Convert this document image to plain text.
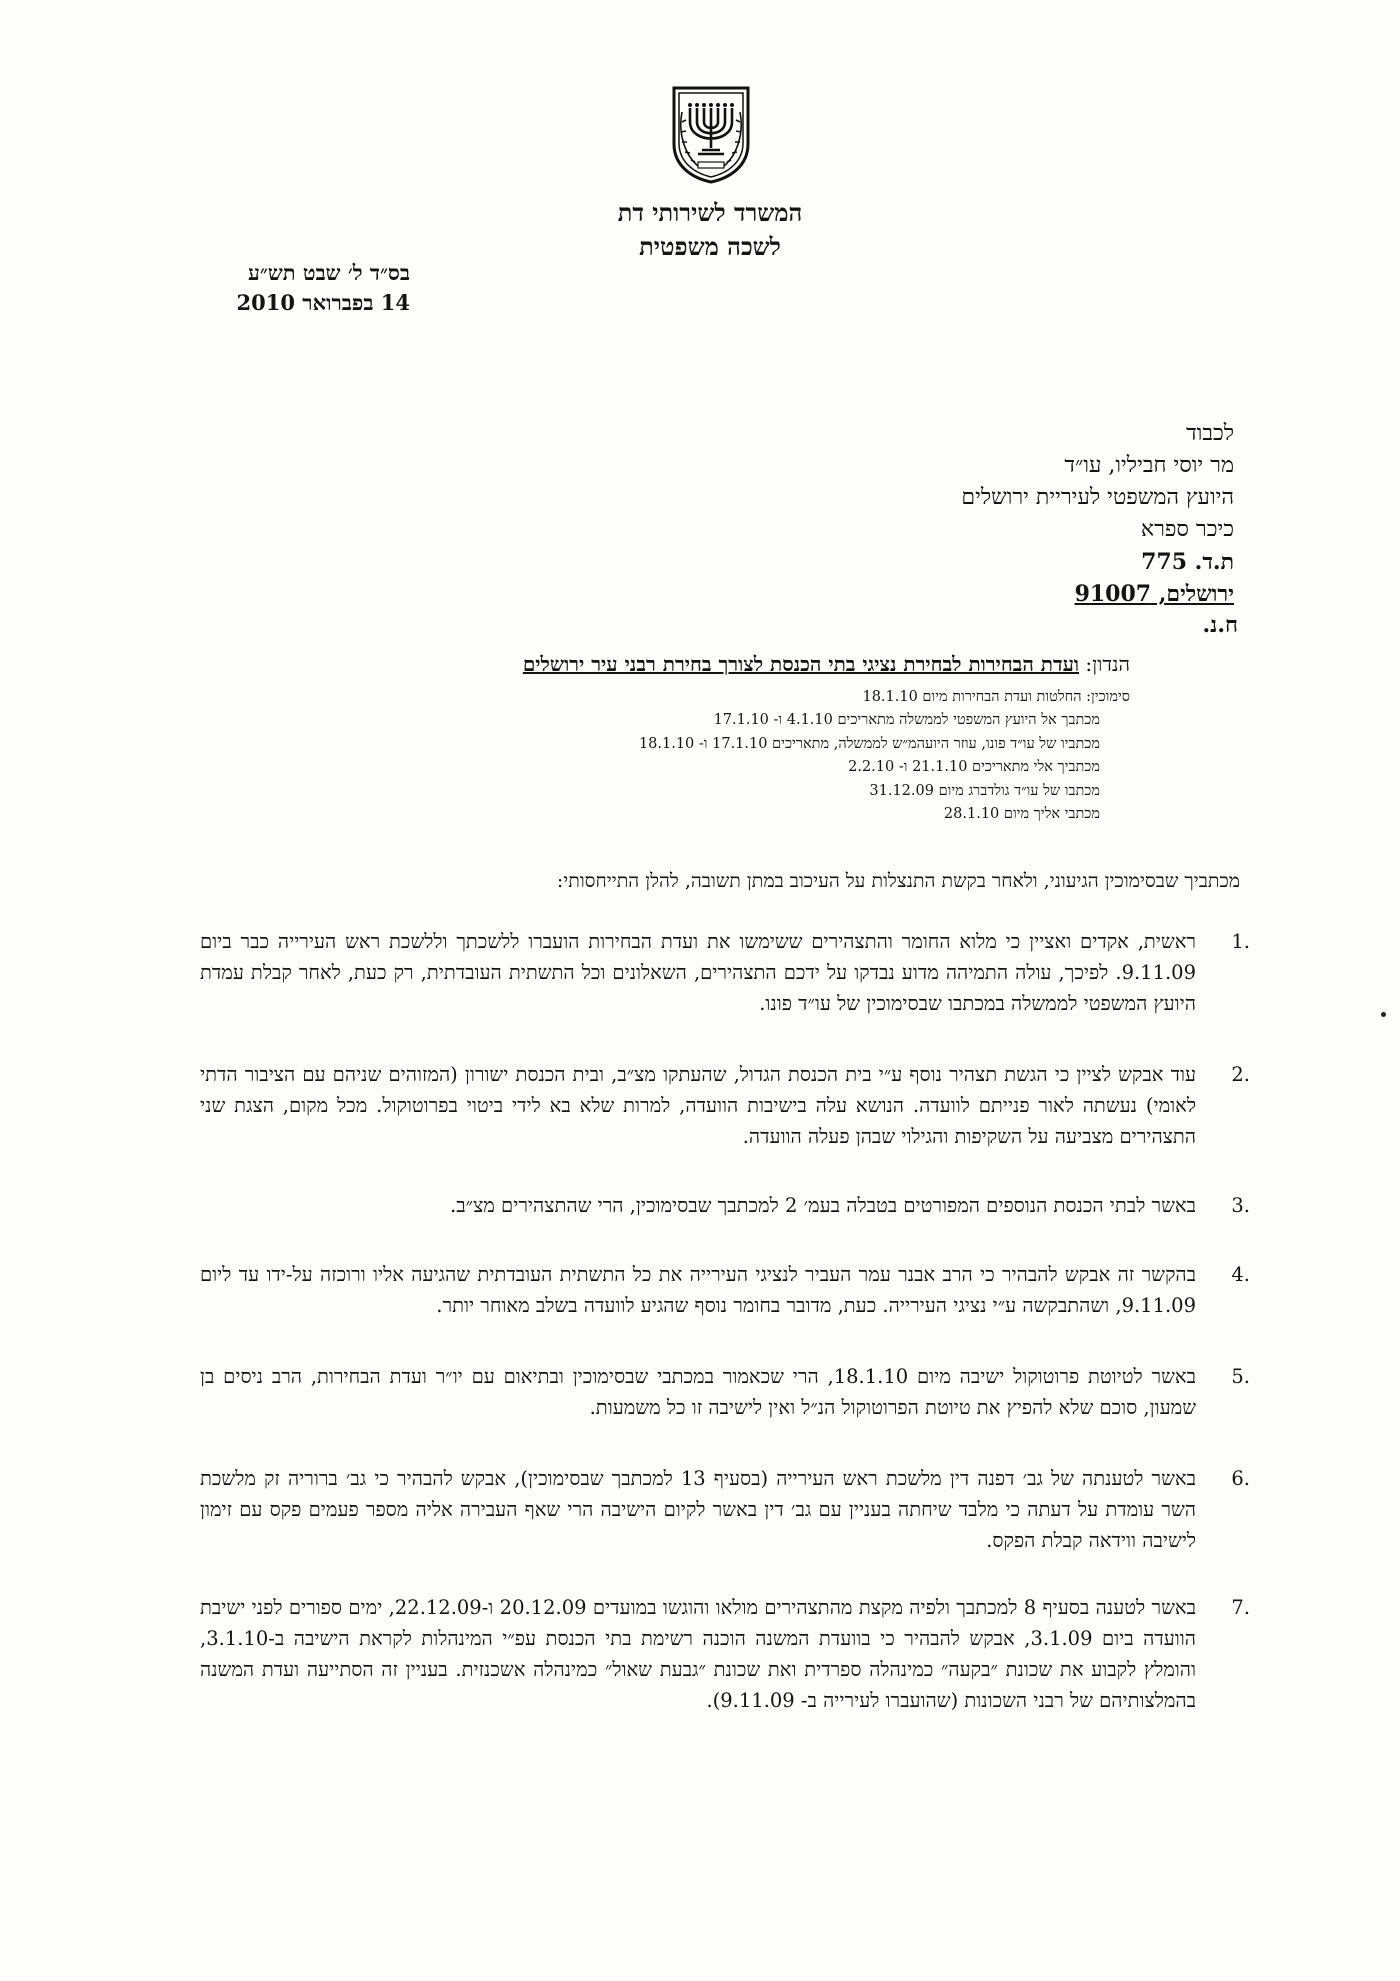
המשרד לשירותי דת
לשכה משפטית
בס״ד ל׳ שבט תש״ע
14 בפברואר 2010
לכבוד
מר יוסי חביליו, עו״ד
היועץ המשפטי לעיריית ירושלים
כיכר ספרא
ת.ד. 775
ירושלים, 91007
ח.נ.
הנדון: ועדת הבחירות לבחירת נציגי בתי הכנסת לצורך בחירת רבני עיר ירושלים
סימוכין: החלטות ועדת הבחירות מיום 18.1.10
מכתבך אל היועץ המשפטי לממשלה מתאריכים 4.1.10 ו- 17.1.10
מכתביו של עו״ד פונו, עוזר היועהמ״ש לממשלה, מתאריכים 17.1.10 ו- 18.1.10
מכתביך אלי מתאריכים 21.1.10 ו- 2.2.10
מכתבו של עו״ד גולדברג מיום 31.12.09
מכתבי אליך מיום 28.1.10
מכתביך שבסימוכין הגיעוני, ולאחר בקשת התנצלות על העיכוב במתן תשובה, להלן התייחסותי:
.1
ראשית, אקדים ואציין כי מלוא החומר והתצהירים ששימשו את ועדת הבחירות הועברו ללשכתך וללשכת ראש העירייה כבר ביום 9.11.09. לפיכך, עולה התמיהה מדוע נבדקו על ידכם התצהירים, השאלונים וכל התשתית העובדתית, רק כעת, לאחר קבלת עמדת היועץ המשפטי לממשלה במכתבו שבסימוכין של עו״ד פונו.
.2
עוד אבקש לציין כי הגשת תצהיר נוסף ע״י בית הכנסת הגדול, שהעתקו מצ״ב, ובית הכנסת ישורון (המזוהים שניהם עם הציבור הדתי לאומי) נעשתה לאור פנייתם לוועדה. הנושא עלה בישיבות הוועדה, למרות שלא בא לידי ביטוי בפרוטוקול. מכל מקום, הצגת שני התצהירים מצביעה על השקיפות והגילוי שבהן פעלה הוועדה.
.3
באשר לבתי הכנסת הנוספים המפורטים בטבלה בעמ׳ 2 למכתבך שבסימוכין, הרי שהתצהירים מצ״ב.
.4
בהקשר זה אבקש להבהיר כי הרב אבנר עמר העביר לנציגי העירייה את כל התשתית העובדתית שהגיעה אליו ורוכזה על-ידו עד ליום 9.11.09, ושהתבקשה ע״י נציגי העירייה. כעת, מדובר בחומר נוסף שהגיע לוועדה בשלב מאוחר יותר.
.5
באשר לטיוטת פרוטוקול ישיבה מיום 18.1.10, הרי שכאמור במכתבי שבסימוכין ובתיאום עם יו״ר ועדת הבחירות, הרב ניסים בן שמעון, סוכם שלא להפיץ את טיוטת הפרוטוקול הנ״ל ואין לישיבה זו כל משמעות.
.6
באשר לטענתה של גב׳ דפנה דין מלשכת ראש העירייה (בסעיף 13 למכתבך שבסימוכין), אבקש להבהיר כי גב׳ ברוריה זק מלשכת השר עומדת על דעתה כי מלבד שיחתה בעניין עם גב׳ דין באשר לקיום הישיבה הרי שאף העבירה אליה מספר פעמים פקס עם זימון לישיבה ווידאה קבלת הפקס.
.7
באשר לטענה בסעיף 8 למכתבך ולפיה מקצת מהתצהירים מולאו והוגשו במועדים 20.12.09 ו-22.12.09, ימים ספורים לפני ישיבת הוועדה ביום 3.1.09, אבקש להבהיר כי בוועדת המשנה הוכנה רשימת בתי הכנסת עפ״י המינהלות לקראת הישיבה ב-3.1.10, והומלץ לקבוע את שכונת ״בקעה״ כמינהלה ספרדית ואת שכונת ״גבעת שאול״ כמינהלה אשכנזית. בעניין זה הסתייעה ועדת המשנה בהמלצותיהם של רבני השכונות (שהועברו לעירייה ב- 9.11.09).
